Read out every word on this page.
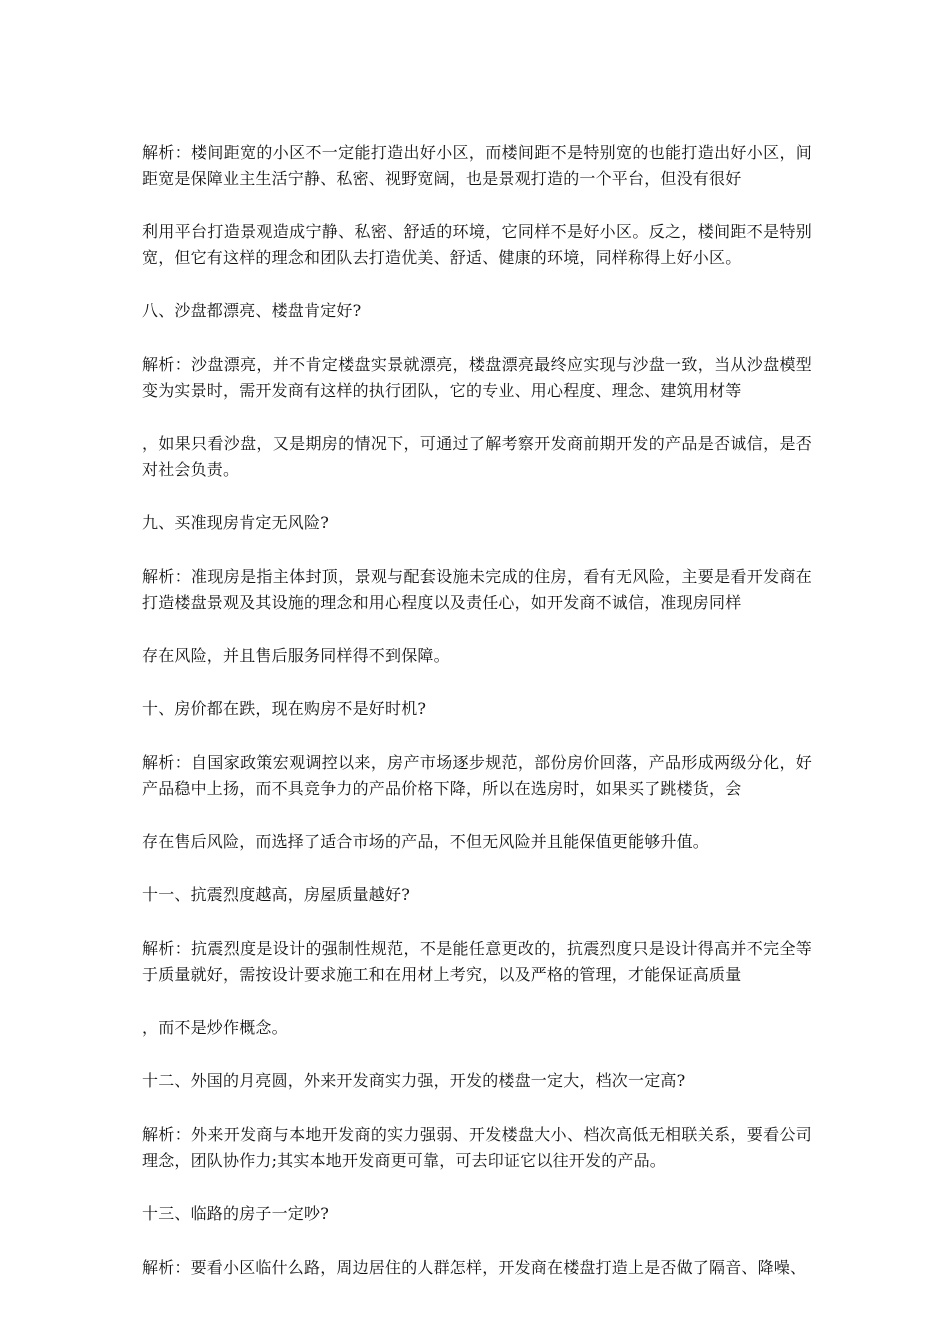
解析：楼间距宽的小区不一定能打造出好小区，而楼间距不是特别宽的也能打造出好小区，间距宽是保障业主生活宁静、私密、视野宽阔，也是景观打造的一个平台，但没有很好

利用平台打造景观造成宁静、私密、舒适的环境，它同样不是好小区。反之，楼间距不是特别宽，但它有这样的理念和团队去打造优美、舒适、健康的环境，同样称得上好小区。

八、沙盘都漂亮、楼盘肯定好?

解析：沙盘漂亮，并不肯定楼盘实景就漂亮，楼盘漂亮最终应实现与沙盘一致，当从沙盘模型变为实景时，需开发商有这样的执行团队，它的专业、用心程度、理念、建筑用材等

，如果只看沙盘，又是期房的情况下，可通过了解考察开发商前期开发的产品是否诚信，是否对社会负责。

九、买准现房肯定无风险?

解析：准现房是指主体封顶，景观与配套设施未完成的住房，看有无风险，主要是看开发商在打造楼盘景观及其设施的理念和用心程度以及责任心，如开发商不诚信，准现房同样

存在风险，并且售后服务同样得不到保障。

十、房价都在跌，现在购房不是好时机?

解析：自国家政策宏观调控以来，房产市场逐步规范，部份房价回落，产品形成两级分化，好产品稳中上扬，而不具竞争力的产品价格下降，所以在选房时，如果买了跳楼货，会

存在售后风险，而选择了适合市场的产品，不但无风险并且能保值更能够升值。

十一、抗震烈度越高，房屋质量越好?

解析：抗震烈度是设计的强制性规范，不是能任意更改的，抗震烈度只是设计得高并不完全等于质量就好，需按设计要求施工和在用材上考究，以及严格的管理，才能保证高质量

，而不是炒作概念。

十二、外国的月亮圆，外来开发商实力强，开发的楼盘一定大，档次一定高?

解析：外来开发商与本地开发商的实力强弱、开发楼盘大小、档次高低无相联关系，要看公司理念，团队协作力;其实本地开发商更可靠，可去印证它以往开发的产品。

十三、临路的房子一定吵?

解析：要看小区临什么路，周边居住的人群怎样，开发商在楼盘打造上是否做了隔音、降噪、
